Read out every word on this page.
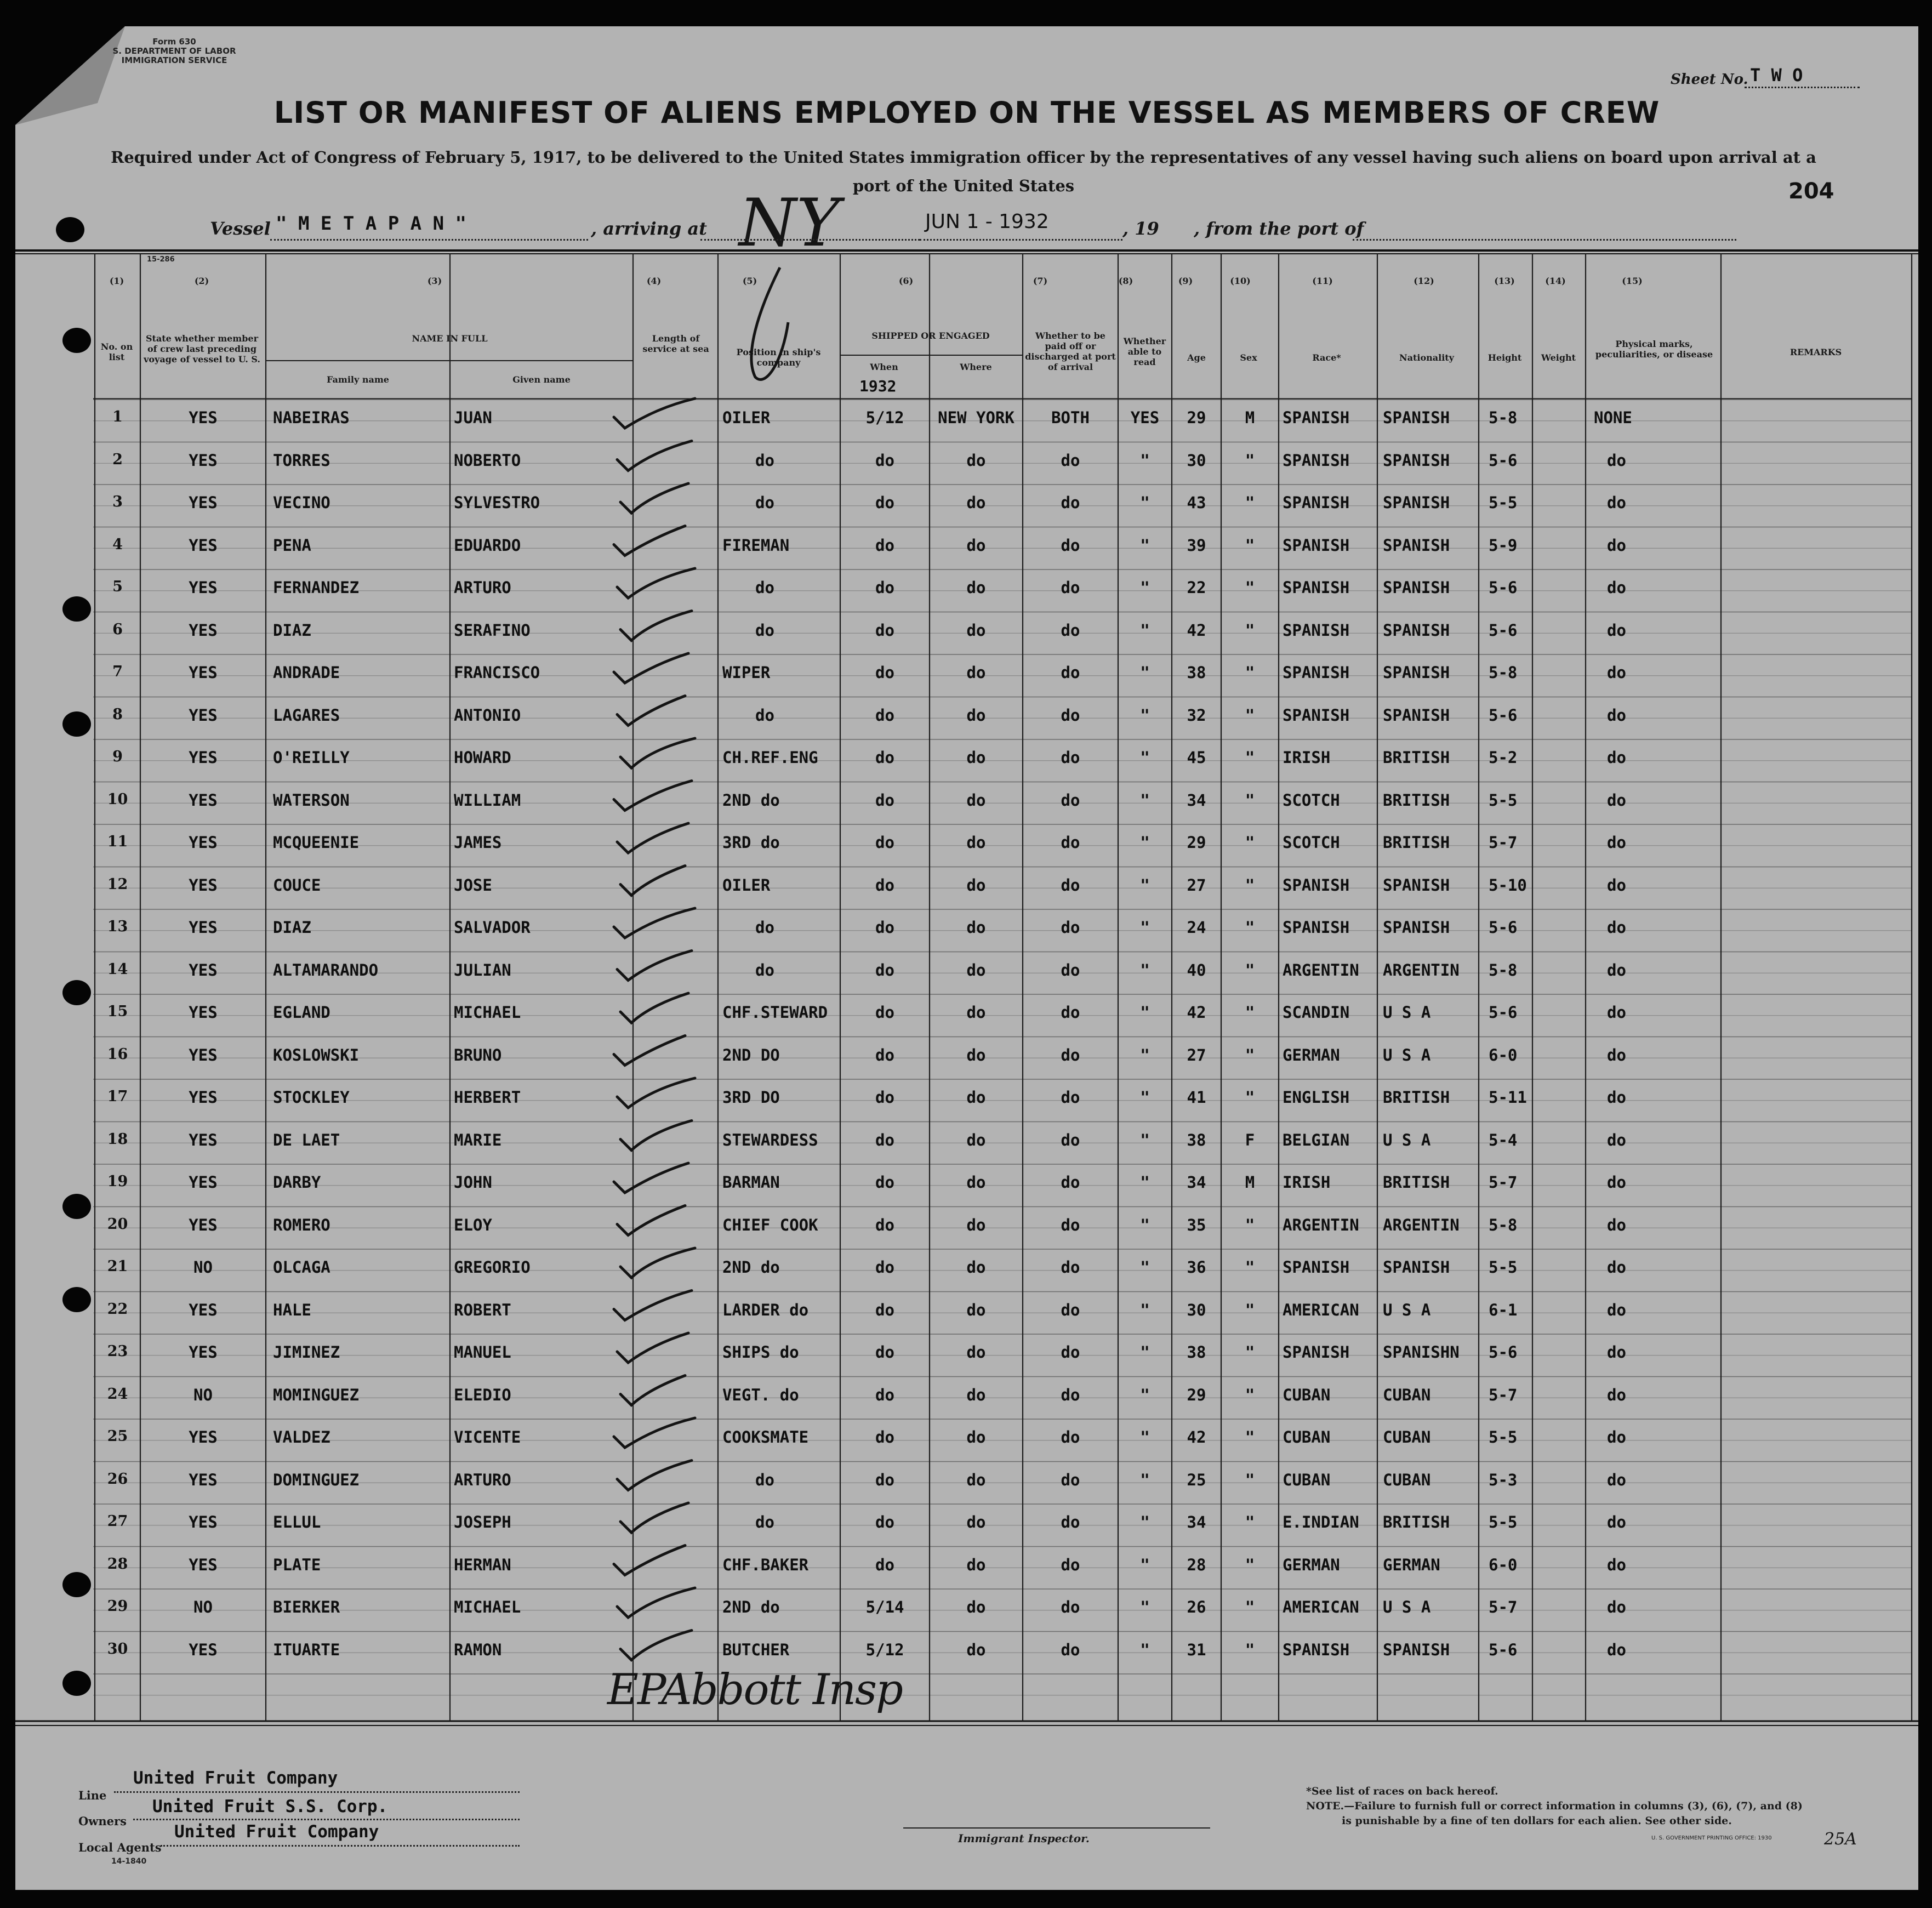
Form 630
S. DEPARTMENT OF LABOR
IMMIGRATION SERVICE
Sheet No. T W O
LIST OR MANIFEST OF ALIENS EMPLOYED ON THE VESSEL AS MEMBERS OF CREW
Required under Act of Congress of February 5, 1917, to be delivered to the United States immigration officer by the representatives of any vessel having such aliens on board upon arrival at a
port of the United States	204
Vessel " M E T A P A N "	, arriving at NY	JUN 1 - 1932	, 19 , from the port of
15-286
(1)	(2)	(3)	(4)	(5)	(6)	(7)	(8)	(9)	(10)	(11)	(12)	(13)	(14)	(15)
No. on list
State whether member of crew last preceding voyage of vessel to U. S.
NAME IN FULL
Family name	Given name
Length of service at sea	Position in ship's company
SHIPPED OR ENGAGED
When
1932
Where
Whether to be paid off or discharged at port of arrival
Whether able to read	Age	Sex	Race*	Nationality	Height	Weight
Physical marks, peculiarities, or disease	REMARKS
1	YES	NABEIRAS	JUAN	OILER	5/12	NEW YORK	BOTH	YES	29	M	SPANISH	SPANISH	5-8	NONE
2	YES	TORRES	NOBERTO	do	do	do	do	"	30	"	SPANISH	SPANISH	5-6	do
3	YES	VECINO	SYLVESTRO	do	do	do	do	"	43	"	SPANISH	SPANISH	5-5	do
4	YES	PENA	EDUARDO	FIREMAN	do	do	do	"	39	"	SPANISH	SPANISH	5-9	do
5	YES	FERNANDEZ	ARTURO	do	do	do	do	"	22	"	SPANISH	SPANISH	5-6	do
6	YES	DIAZ	SERAFINO	do	do	do	do	"	42	"	SPANISH	SPANISH	5-6	do
7	YES	ANDRADE	FRANCISCO	WIPER	do	do	do	"	38	"	SPANISH	SPANISH	5-8	do
8	YES	LAGARES	ANTONIO	do	do	do	do	"	32	"	SPANISH	SPANISH	5-6	do
9	YES	O'REILLY	HOWARD	CH.REF.ENG	do	do	do	"	45	"	IRISH	BRITISH	5-2	do
10	YES	WATERSON	WILLIAM	2ND do	do	do	do	"	34	"	SCOTCH	BRITISH	5-5	do
11	YES	MCQUEENIE	JAMES	3RD do	do	do	do	"	29	"	SCOTCH	BRITISH	5-7	do
12	YES	COUCE	JOSE	OILER	do	do	do	"	27	"	SPANISH	SPANISH	5-10	do
13	YES	DIAZ	SALVADOR	do	do	do	do	"	24	"	SPANISH	SPANISH	5-6	do
14	YES	ALTAMARANDO	JULIAN	do	do	do	do	"	40	"	ARGENTIN	ARGENTIN	5-8	do
15	YES	EGLAND	MICHAEL	CHF.STEWARD	do	do	do	"	42	"	SCANDIN	U S A	5-6	do
16	YES	KOSLOWSKI	BRUNO	2ND DO	do	do	do	"	27	"	GERMAN	U S A	6-0	do
17	YES	STOCKLEY	HERBERT	3RD DO	do	do	do	"	41	"	ENGLISH	BRITISH	5-11	do
18	YES	DE LAET	MARIE	STEWARDESS	do	do	do	"	38	F	BELGIAN	U S A	5-4	do
19	YES	DARBY	JOHN	BARMAN	do	do	do	"	34	M	IRISH	BRITISH	5-7	do
20	YES	ROMERO	ELOY	CHIEF COOK	do	do	do	"	35	"	ARGENTIN	ARGENTIN	5-8	do
21	NO	OLCAGA	GREGORIO	2ND do	do	do	do	"	36	"	SPANISH	SPANISH	5-5	do
22	YES	HALE	ROBERT	LARDER do	do	do	do	"	30	"	AMERICAN	U S A	6-1	do
23	YES	JIMINEZ	MANUEL	SHIPS do	do	do	do	"	38	"	SPANISH	SPANISHN	5-6	do
24	NO	MOMINGUEZ	ELEDIO	VEGT. do	do	do	do	"	29	"	CUBAN	CUBAN	5-7	do
25	YES	VALDEZ	VICENTE	COOKSMATE	do	do	do	"	42	"	CUBAN	CUBAN	5-5	do
26	YES	DOMINGUEZ	ARTURO	do	do	do	do	"	25	"	CUBAN	CUBAN	5-3	do
27	YES	ELLUL	JOSEPH	do	do	do	do	"	34	"	E.INDIAN	BRITISH	5-5	do
28	YES	PLATE	HERMAN	CHF.BAKER	do	do	do	"	28	"	GERMAN	GERMAN	6-0	do
29	NO	BIERKER	MICHAEL	2ND do	5/14	do	do	"	26	"	AMERICAN	U S A	5-7	do
30	YES	ITUARTE	RAMON	BUTCHER	5/12	do	do	"	31	"	SPANISH	SPANISH	5-6	do
EPAbbott Insp
Line
United Fruit Company
Owners
United Fruit S.S. Corp.
Local Agents
United Fruit Company
14-1840
Immigrant Inspector.
*See list of races on back hereof.
NOTE.—Failure to furnish full or correct information in columns (3), (6), (7), and (8)
is punishable by a fine of ten dollars for each alien. See other side.
U. S. GOVERNMENT PRINTING OFFICE: 1930	25A
